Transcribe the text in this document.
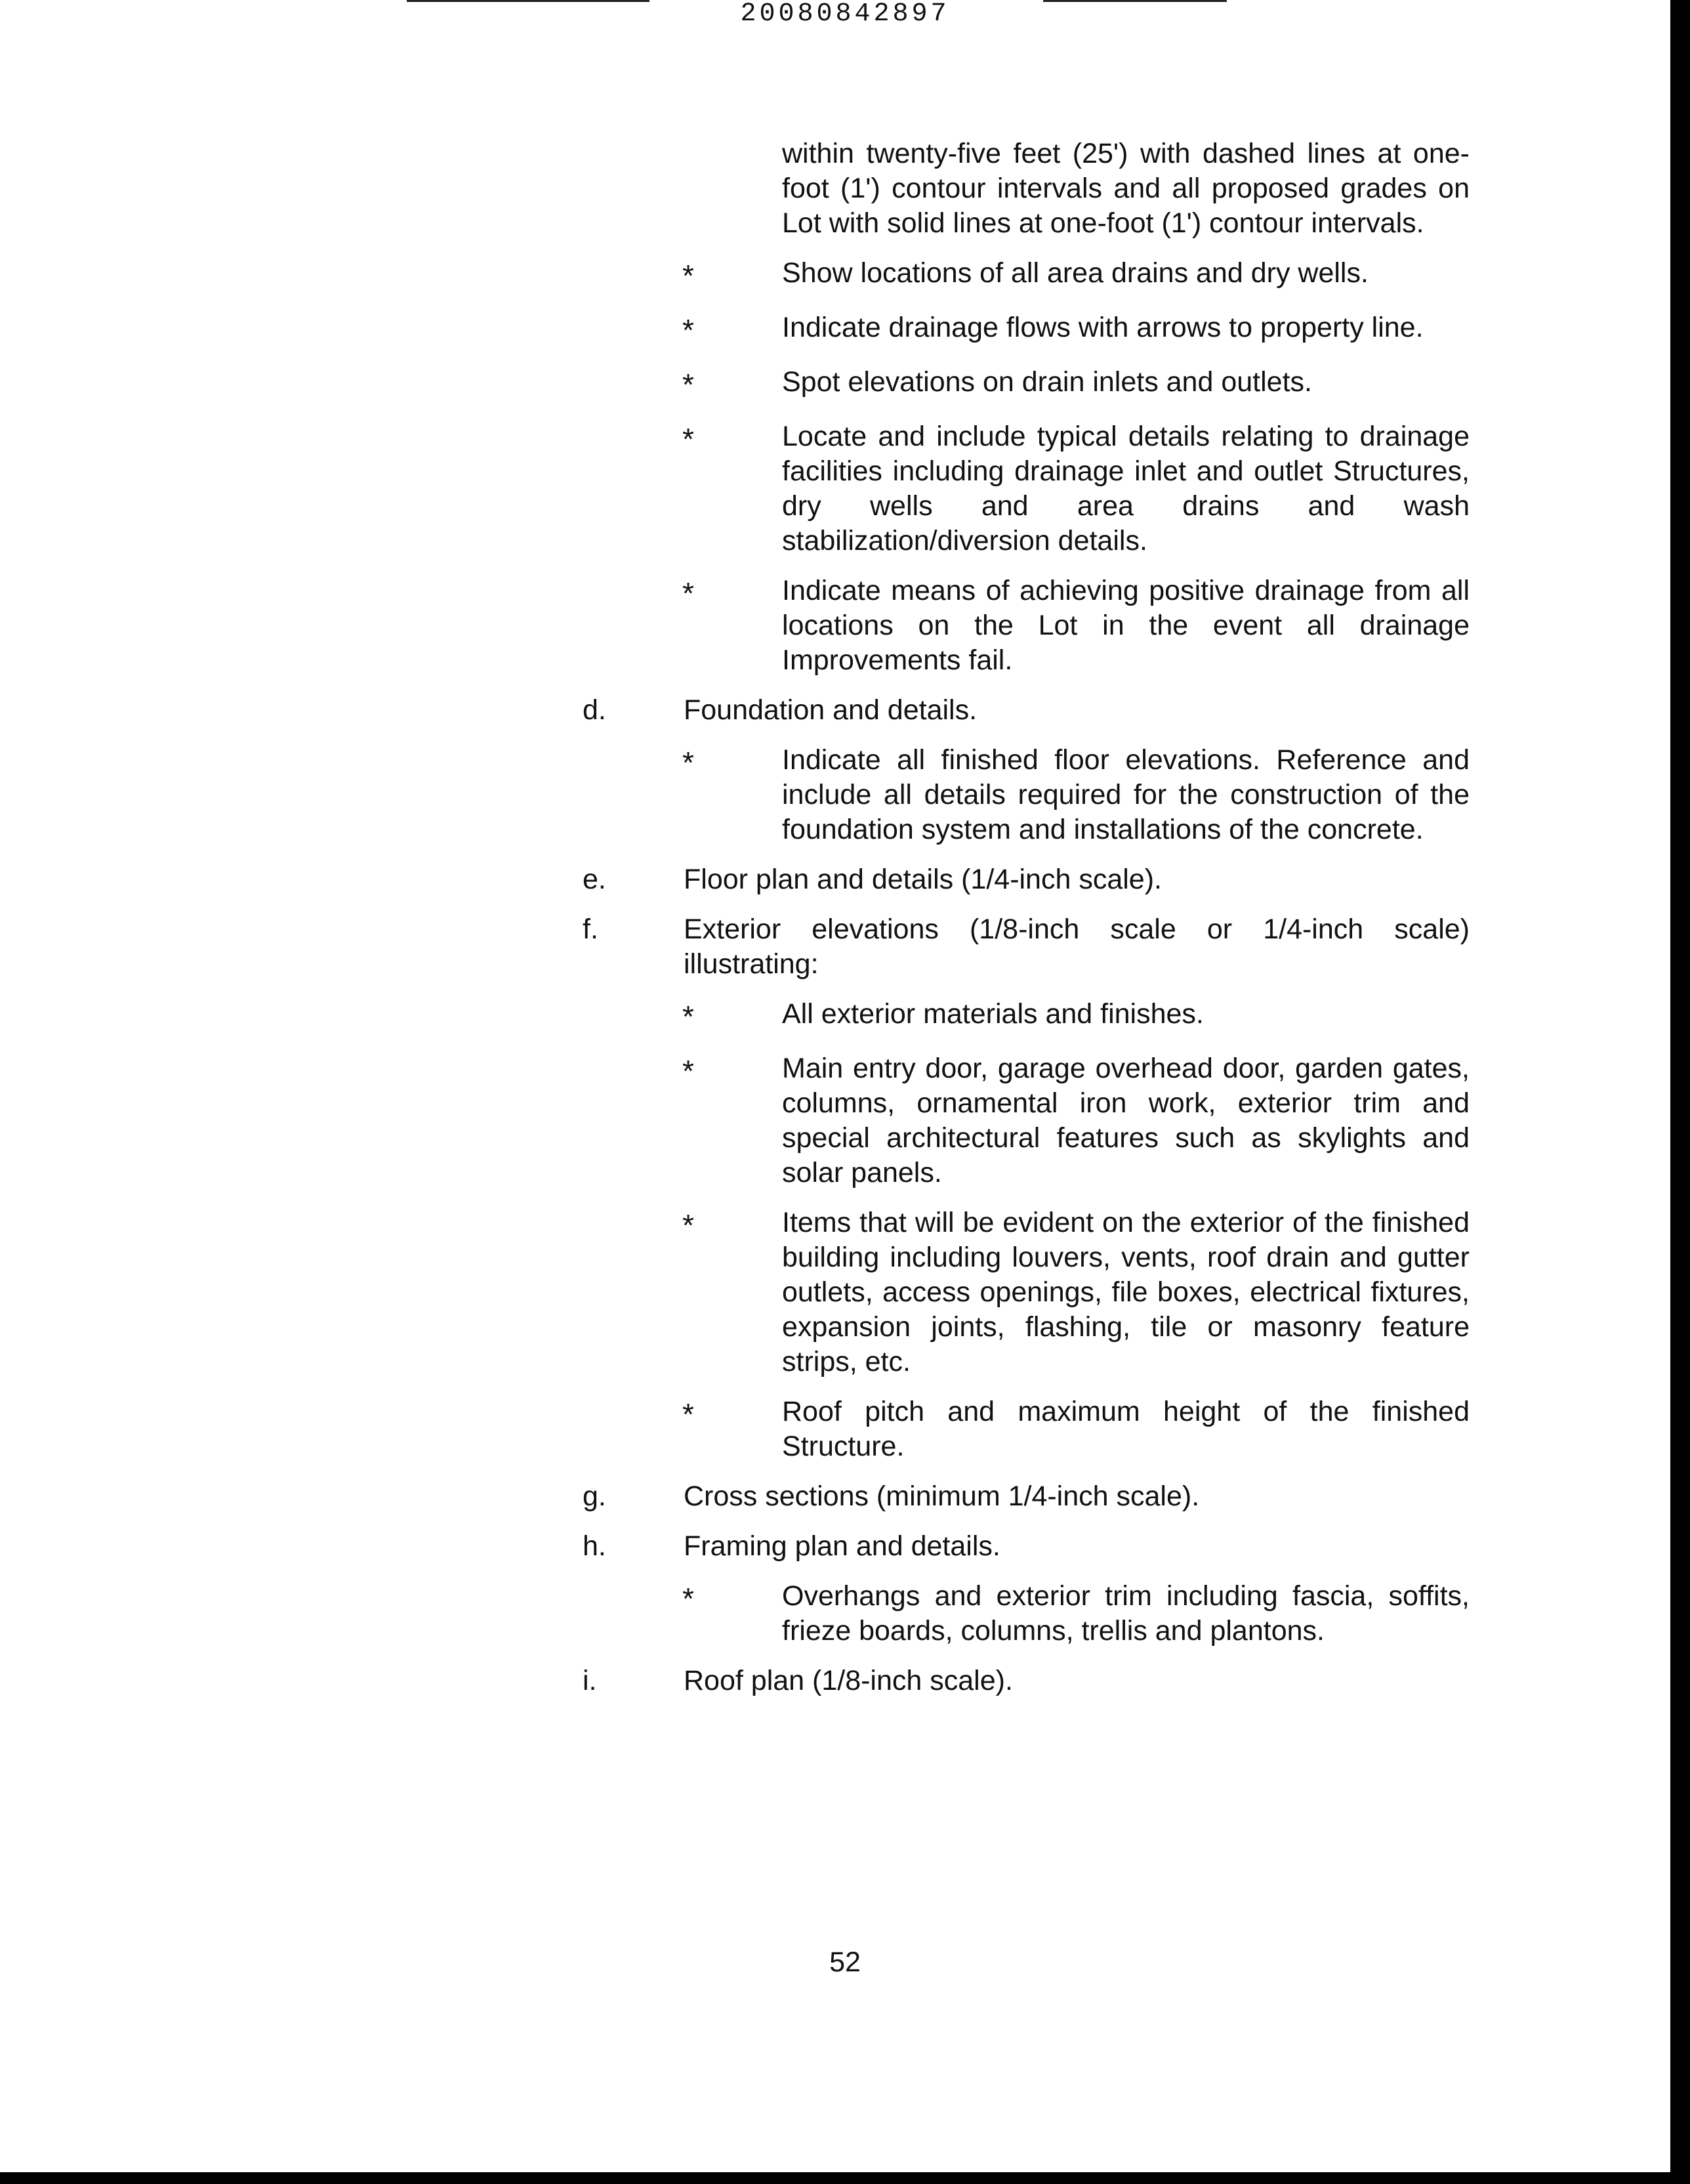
20080842897
within twenty-five feet (25') with dashed lines at one-foot (1') contour intervals and all proposed grades on Lot with solid lines at one-foot (1') contour intervals.
*	Show locations of all area drains and dry wells.
*	Indicate drainage flows with arrows to property line.
*	Spot elevations on drain inlets and outlets.
*	Locate and include typical details relating to drainage facilities including drainage inlet and outlet Structures, dry wells and area drains and wash stabilization/diversion details.
*	Indicate means of achieving positive drainage from all locations on the Lot in the event all drainage Improvements fail.
d.	Foundation and details.
*	Indicate all finished floor elevations. Reference and include all details required for the construction of the foundation system and installations of the concrete.
e.	Floor plan and details (1/4-inch scale).
f.	Exterior elevations (1/8-inch scale or 1/4-inch scale) illustrating:
*	All exterior materials and finishes.
*	Main entry door, garage overhead door, garden gates, columns, ornamental iron work, exterior trim and special architectural features such as skylights and solar panels.
*	Items that will be evident on the exterior of the finished building including louvers, vents, roof drain and gutter outlets, access openings, file boxes, electrical fixtures, expansion joints, flashing, tile or masonry feature strips, etc.
*	Roof pitch and maximum height of the finished Structure.
g.	Cross sections (minimum 1/4-inch scale).
h.	Framing plan and details.
*	Overhangs and exterior trim including fascia, soffits, frieze boards, columns, trellis and plantons.
i.	Roof plan (1/8-inch scale).
52
